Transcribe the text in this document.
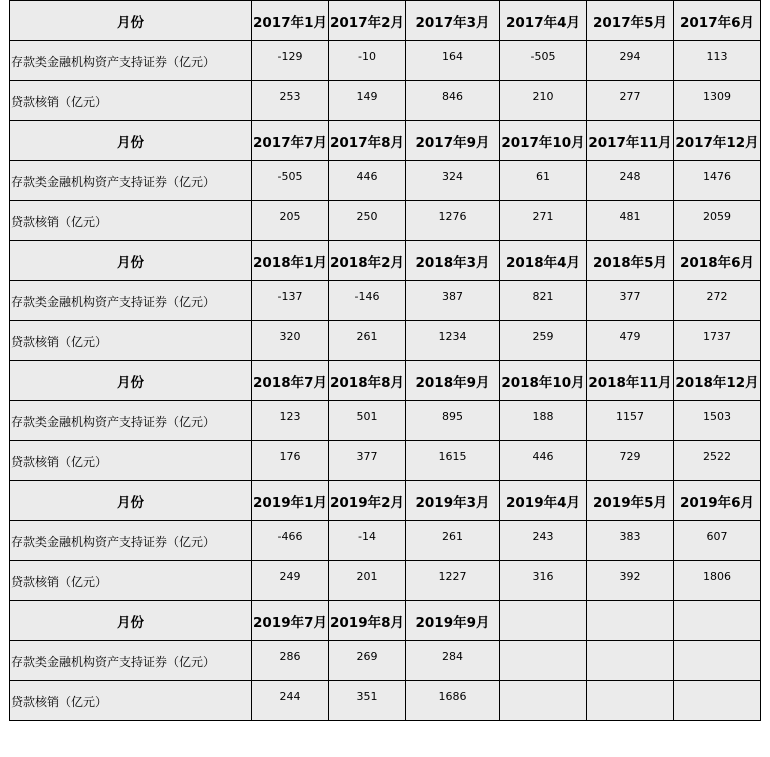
月份	2017年1月	2017年2月	2017年3月	2017年4月	2017年5月	2017年6月
存款类金融机构资产支持证券（亿元）	-129	-10	164	-505	294	113
贷款核销（亿元）	253	149	846	210	277	1309
月份	2017年7月	2017年8月	2017年9月	2017年10月	2017年11月	2017年12月
存款类金融机构资产支持证券（亿元）	-505	446	324	61	248	1476
贷款核销（亿元）	205	250	1276	271	481	2059
月份	2018年1月	2018年2月	2018年3月	2018年4月	2018年5月	2018年6月
存款类金融机构资产支持证券（亿元）	-137	-146	387	821	377	272
贷款核销（亿元）	320	261	1234	259	479	1737
月份	2018年7月	2018年8月	2018年9月	2018年10月	2018年11月	2018年12月
存款类金融机构资产支持证券（亿元）	123	501	895	188	1157	1503
贷款核销（亿元）	176	377	1615	446	729	2522
月份	2019年1月	2019年2月	2019年3月	2019年4月	2019年5月	2019年6月
存款类金融机构资产支持证券（亿元）	-466	-14	261	243	383	607
贷款核销（亿元）	249	201	1227	316	392	1806
月份	2019年7月	2019年8月	2019年9月			
存款类金融机构资产支持证券（亿元）	286	269	284			
贷款核销（亿元）	244	351	1686			
